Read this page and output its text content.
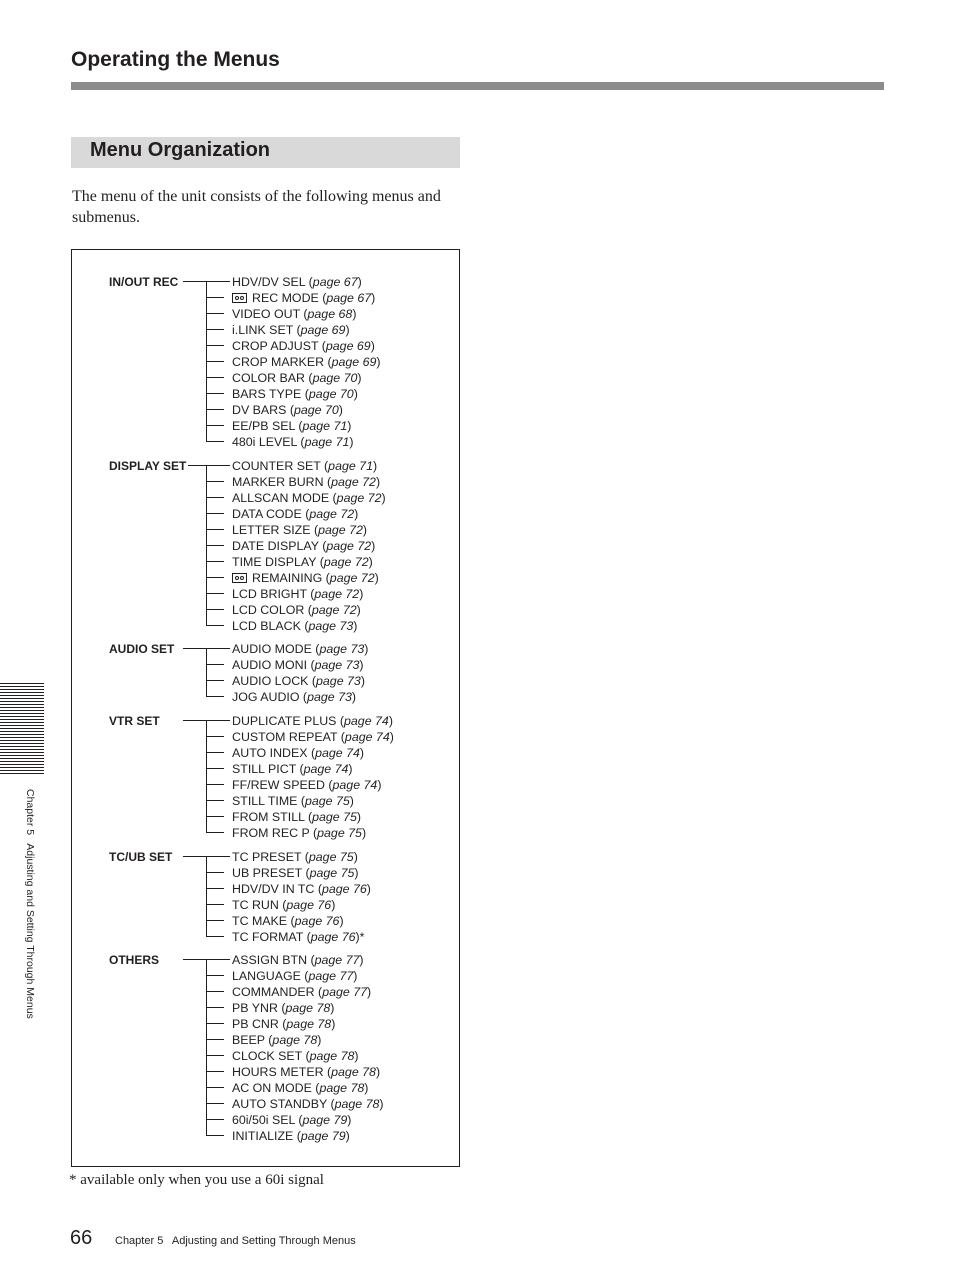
Operating the Menus
Menu Organization

The menu of the unit consists of the following menus and submenus.

IN/OUT REC	HDV/DV SEL (page 67)
REC MODE (page 67)
VIDEO OUT (page 68)
i.LINK SET (page 69)
CROP ADJUST (page 69)
CROP MARKER (page 69)
COLOR BAR (page 70)
BARS TYPE (page 70)
DV BARS (page 70)
EE/PB SEL (page 71)
480i LEVEL (page 71)
DISPLAY SET	COUNTER SET (page 71)
MARKER BURN (page 72)
ALLSCAN MODE (page 72)
DATA CODE (page 72)
LETTER SIZE (page 72)
DATE DISPLAY (page 72)
TIME DISPLAY (page 72)
REMAINING (page 72)
LCD BRIGHT (page 72)
LCD COLOR (page 72)
LCD BLACK (page 73)
AUDIO SET	AUDIO MODE (page 73)
AUDIO MONI (page 73)
AUDIO LOCK (page 73)
JOG AUDIO (page 73)
VTR SET	DUPLICATE PLUS (page 74)
CUSTOM REPEAT (page 74)
AUTO INDEX (page 74)
STILL PICT (page 74)
FF/REW SPEED (page 74)
STILL TIME (page 75)
FROM STILL (page 75)
FROM REC P (page 75)
TC/UB SET	TC PRESET (page 75)
UB PRESET (page 75)
HDV/DV IN TC (page 76)
TC RUN (page 76)
TC MAKE (page 76)
TC FORMAT (page 76)*
OTHERS	ASSIGN BTN (page 77)
LANGUAGE (page 77)
COMMANDER (page 77)
PB YNR (page 78)
PB CNR (page 78)
BEEP (page 78)
CLOCK SET (page 78)
HOURS METER (page 78)
AC ON MODE (page 78)
AUTO STANDBY (page 78)
60i/50i SEL (page 79)
INITIALIZE (page 79)

* available only when you use a 60i signal

Chapter 5   Adjusting and Setting Through Menus

66 Chapter 5   Adjusting and Setting Through Menus
